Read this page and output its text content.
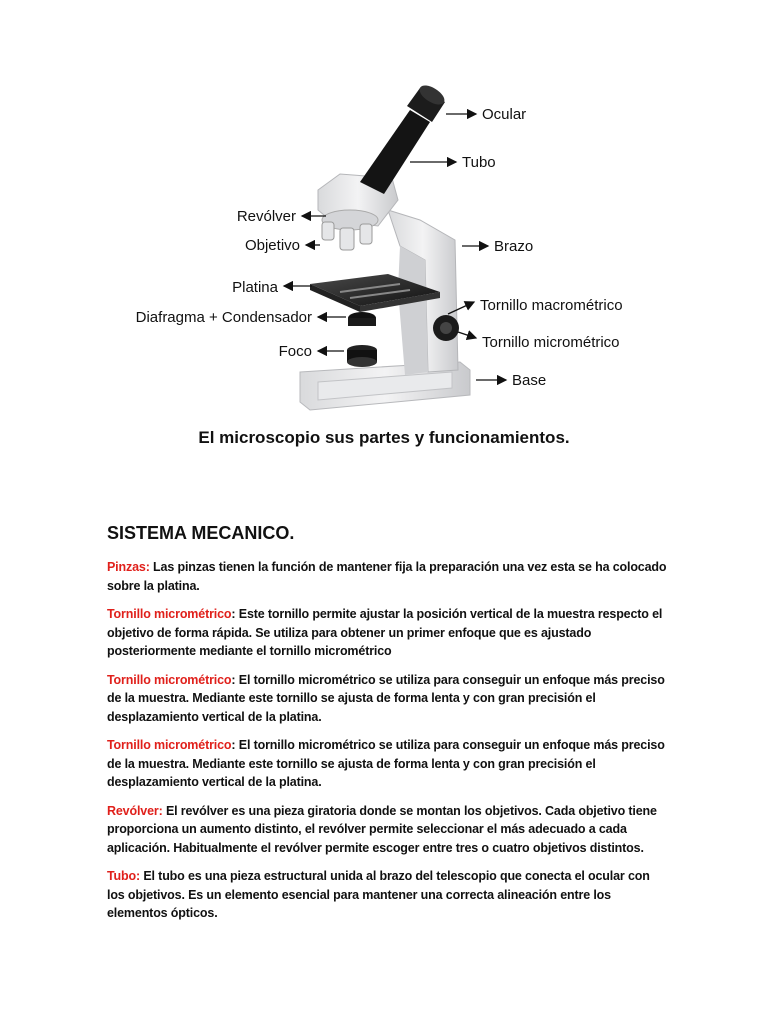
Ocular
Tubo
Revólver
Objetivo	Brazo
Platina
Tornillo macrométrico
Diafragma + Condensador
Tornillo micrométrico
Foco
Base
El microscopio sus partes y funcionamientos.
SISTEMA MECANICO.

Pinzas: Las pinzas tienen la función de mantener fija la preparación una vez esta se ha colocado sobre la platina.

Tornillo micrométrico: Este tornillo permite ajustar la posición vertical de la muestra respecto el objetivo de forma rápida. Se utiliza para obtener un primer enfoque que es ajustado posteriormente mediante el tornillo micrométrico

Tornillo micrométrico: El tornillo micrométrico se utiliza para conseguir un enfoque más preciso de la muestra. Mediante este tornillo se ajusta de forma lenta y con gran precisión el desplazamiento vertical de la platina.

Tornillo micrométrico: El tornillo micrométrico se utiliza para conseguir un enfoque más preciso de la muestra. Mediante este tornillo se ajusta de forma lenta y con gran precisión el desplazamiento vertical de la platina.

Revólver: El revólver es una pieza giratoria donde se montan los objetivos. Cada objetivo tiene proporciona un aumento distinto, el revólver permite seleccionar el más adecuado a cada aplicación. Habitualmente el revólver permite escoger entre tres o cuatro objetivos distintos.

Tubo: El tubo es una pieza estructural unida al brazo del telescopio que conecta el ocular con los objetivos. Es un elemento esencial para mantener una correcta alineación entre los elementos ópticos.
